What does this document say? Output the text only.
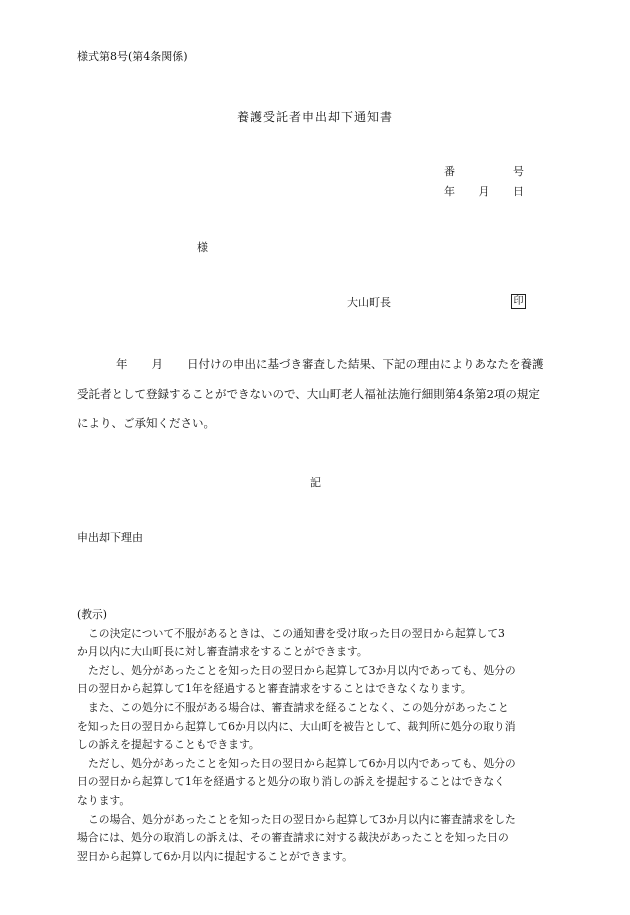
様式第8号(第4条関係)
養護受託者申出却下通知書
番	号
年 月 日
様
大山町長	印
年 月 日付けの申出に基づき審査した結果、下記の理由によりあなたを養護
受託者として登録することができないので、大山町老人福祉法施行細則第4条第2項の規定
により、ご承知ください。
記
申出却下理由
(教示)
この決定について不服があるときは、この通知書を受け取った日の翌日から起算して3
か月以内に大山町長に対し審査請求をすることができます。
ただし、処分があったことを知った日の翌日から起算して3か月以内であっても、処分の
日の翌日から起算して1年を経過すると審査請求をすることはできなくなります。
また、この処分に不服がある場合は、審査請求を経ることなく、この処分があったこと
を知った日の翌日から起算して6か月以内に、大山町を被告として、裁判所に処分の取り消
しの訴えを提起することもできます。
ただし、処分があったことを知った日の翌日から起算して6か月以内であっても、処分の
日の翌日から起算して1年を経過すると処分の取り消しの訴えを提起することはできなく
なります。
この場合、処分があったことを知った日の翌日から起算して3か月以内に審査請求をした
場合には、処分の取消しの訴えは、その審査請求に対する裁決があったことを知った日の
翌日から起算して6か月以内に提起することができます。
